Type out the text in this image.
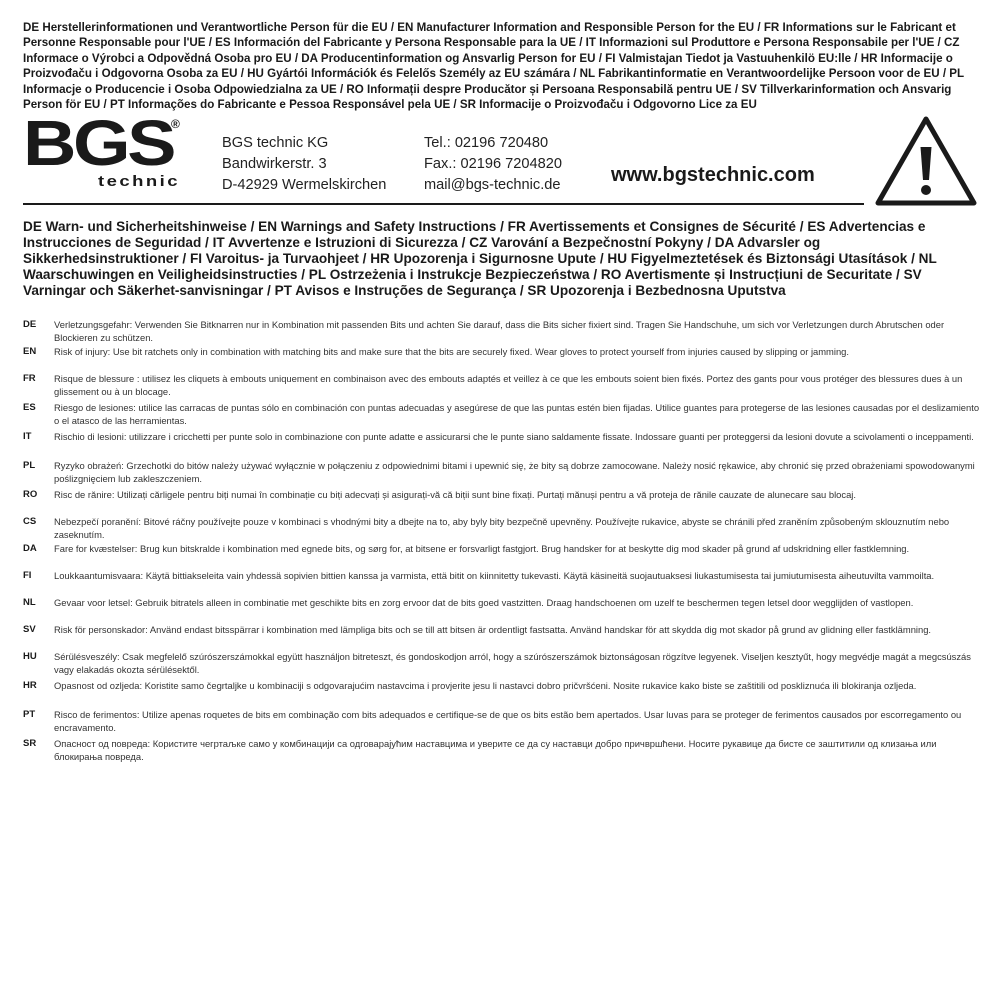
DE Herstellerinformationen und Verantwortliche Person für die EU / EN Manufacturer Information and Responsible Person for the EU / FR Informations sur le Fabricant et Personne Responsable pour l'UE / ES Información del Fabricante y Persona Responsable para la UE / IT Informazioni sul Produttore e Persona Responsabile per l'UE / CZ Informace o Výrobci a Odpovědná Osoba pro EU / DA Producentinformation og Ansvarlig Person for EU / FI Valmistajan Tiedot ja Vastuuhenkilö EU:lle / HR Informacije o Proizvođaču i Odgovorna Osoba za EU / HU Gyártói Információk és Felelős Személy az EU számára / NL Fabrikantinformatie en Verantwoordelijke Persoon voor de EU / PL Informacje o Producencie i Osoba Odpowiedzialna za UE / RO Informații despre Producător și Persoana Responsabilă pentru UE / SV Tillverkarinformation och Ansvarig Person för EU / PT Informações do Fabricante e Pessoa Responsável pela UE / SR Informacije o Proizvođaču i Odgovorno Lice za EU
BGS
®
technic
BGS technic KG
Bandwirkerstr. 3
D-42929 Wermelskirchen
Tel.: 02196 720480
Fax.: 02196 7204820
mail@bgs-technic.de	www.bgstechnic.com
DE Warn- und Sicherheitshinweise / EN Warnings and Safety Instructions / FR Avertissements et Consignes de Sécurité / ES Advertencias e Instrucciones de Seguridad / IT Avvertenze e Istruzioni di Sicurezza / CZ Varování a Bezpečnostní Pokyny / DA Advarsler og Sikkerhedsinstruktioner / FI Varoitus- ja Turvaohjeet / HR Upozorenja i Sigurnosne Upute / HU Figyelmeztetések és Biztonsági Utasítások / NL Waarschuwingen en Veiligheidsinstructies / PL Ostrzeżenia i Instrukcje Bezpieczeństwa / RO Avertismente și Instrucțiuni de Securitate / SV Varningar och Säkerhet-sanvisningar / PT Avisos e Instruções de Segurança / SR Upozorenja i Bezbednosna Uputstva
DE	Verletzungsgefahr: Verwenden Sie Bitknarren nur in Kombination mit passenden Bits und achten Sie darauf, dass die Bits sicher fixiert sind. Tragen Sie Handschuhe, um sich vor Verletzungen durch Abrutschen oder Blockieren zu schützen.
EN	Risk of injury: Use bit ratchets only in combination with matching bits and make sure that the bits are securely fixed. Wear gloves to protect yourself from injuries caused by slipping or jamming.
FR	Risque de blessure : utilisez les cliquets à embouts uniquement en combinaison avec des embouts adaptés et veillez à ce que les embouts soient bien fixés. Portez des gants pour vous protéger des blessures dues à un glissement ou à un blocage.
ES	Riesgo de lesiones: utilice las carracas de puntas sólo en combinación con puntas adecuadas y asegúrese de que las puntas estén bien fijadas. Utilice guantes para protegerse de las lesiones causadas por el deslizamiento o el atasco de las herramientas.
IT	Rischio di lesioni: utilizzare i cricchetti per punte solo in combinazione con punte adatte e assicurarsi che le punte siano saldamente fissate. Indossare guanti per proteggersi da lesioni dovute a scivolamenti o inceppamenti.
PL	Ryzyko obrażeń: Grzechotki do bitów należy używać wyłącznie w połączeniu z odpowiednimi bitami i upewnić się, że bity są dobrze zamocowane. Należy nosić rękawice, aby chronić się przed obrażeniami spowodowanymi poślizgnięciem lub zakleszczeniem.
RO	Risc de rănire: Utilizați cărligele pentru biți numai în combinație cu biți adecvați și asigurați-vă că biții sunt bine fixați. Purtați mănuși pentru a vă proteja de rănile cauzate de alunecare sau blocaj.
CS	Nebezpečí poranění: Bitové ráčny používejte pouze v kombinaci s vhodnými bity a dbejte na to, aby byly bity bezpečně upevněny. Používejte rukavice, abyste se chránili před zraněním způsobeným sklouznutím nebo zaseknutím.
DA	Fare for kvæstelser: Brug kun bitskralde i kombination med egnede bits, og sørg for, at bitsene er forsvarligt fastgjort. Brug handsker for at beskytte dig mod skader på grund af udskridning eller fastklemning.
FI	Loukkaantumisvaara: Käytä bittiakseleita vain yhdessä sopivien bittien kanssa ja varmista, että bitit on kiinnitetty tukevasti. Käytä käsineitä suojautuaksesi liukastumisesta tai jumiutumisesta aiheutuvilta vammoilta.
NL	Gevaar voor letsel: Gebruik bitratels alleen in combinatie met geschikte bits en zorg ervoor dat de bits goed vastzitten. Draag handschoenen om uzelf te beschermen tegen letsel door wegglijden of vastlopen.
SV	Risk för personskador: Använd endast bitsspärrar i kombination med lämpliga bits och se till att bitsen är ordentligt fastsatta. Använd handskar för att skydda dig mot skador på grund av glidning eller fastklämning.
HU	Sérülésveszély: Csak megfelelő szúrószerszámokkal együtt használjon bitreteszt, és gondoskodjon arról, hogy a szúrószerszámok biztonságosan rögzítve legyenek. Viseljen kesztyűt, hogy megvédje magát a megcsúszás vagy elakadás okozta sérülésektől.
HR	Opasnost od ozljeda: Koristite samo čegrtaljke u kombinaciji s odgovarajućim nastavcima i provjerite jesu li nastavci dobro pričvršćeni. Nosite rukavice kako biste se zaštitili od poskliznuća ili blokiranja ozljeda.
PT	Risco de ferimentos: Utilize apenas roquetes de bits em combinação com bits adequados e certifique-se de que os bits estão bem apertados. Usar luvas para se proteger de ferimentos causados por escorregamento ou encravamento.
SR	Опасност од повреда: Користите чегртаљке само у комбинацији са одговарајућим наставцима и уверите се да су наставци добро причвршћени. Носите рукавице да бисте се заштитили од клизања или блокирања повреда.
